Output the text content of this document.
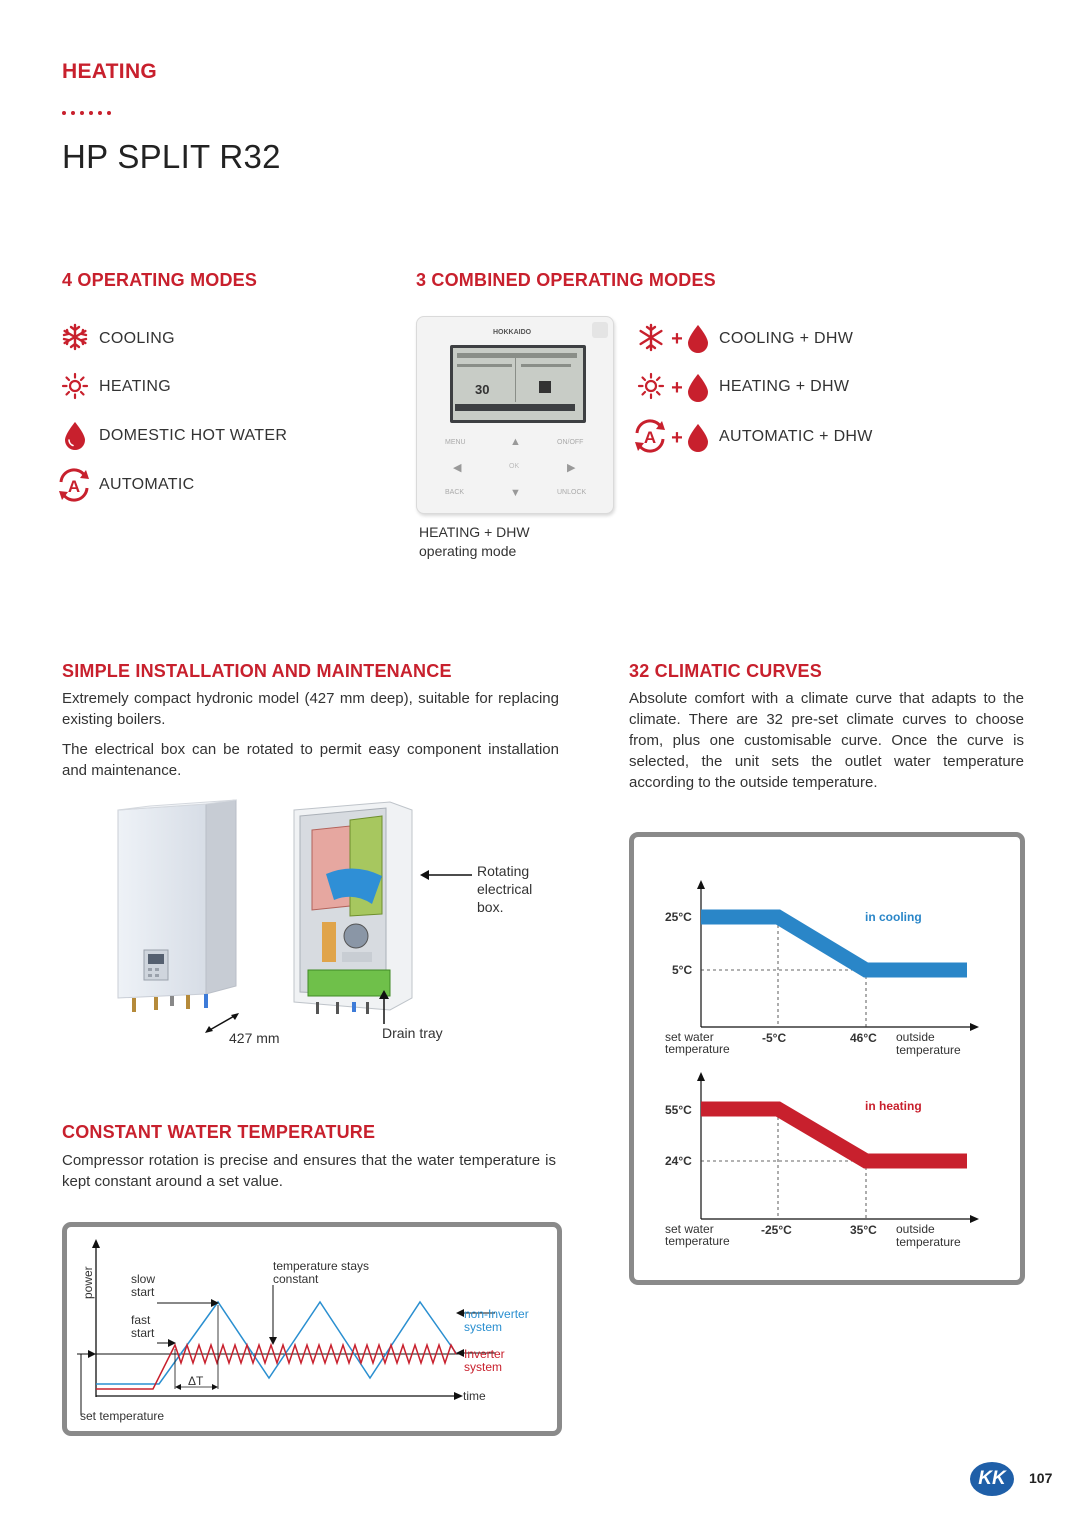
HEATING
HP SPLIT R32
4 OPERATING MODES
COOLING
HEATING
DOMESTIC HOT WATER
A AUTOMATIC
3 COMBINED OPERATING MODES
HOKKAIDO
30
MENU	▲	ON/OFF
◀	OK	▶
BACK	▼	UNLOCK
HEATING + DHW
operating mode
+ COOLING + DHW
+ HEATING + DHW
A + AUTOMATIC + DHW
SIMPLE INSTALLATION AND MAINTENANCE
Extremely compact hydronic model (427 mm deep), suitable for replacing existing boilers.
The electrical box can be rotated to permit easy component installation and maintenance.
427 mm	Drain tray
Rotating
electrical
box.
CONSTANT WATER TEMPERATURE
Compressor rotation is precise and ensures that the water temperature is kept constant around a set value.
power	slow
start
fast
start
temperature stays
constant
non-Inverter
system
Inverter
system
ΔT
time
set temperature
32 CLIMATIC CURVES
Absolute comfort with a climate curve that adapts to the climate. There are 32 pre-set climate curves to choose from, plus one customisable curve. Once the curve is selected, the unit sets the outlet water temperature according to the outside temperature.
25°C
5°C
in cooling
-5°C	46°C
set water
temperature
outside
temperature
55°C
24°C
in heating
-25°C	35°C
set water
temperature
outside
temperature
KK	107
